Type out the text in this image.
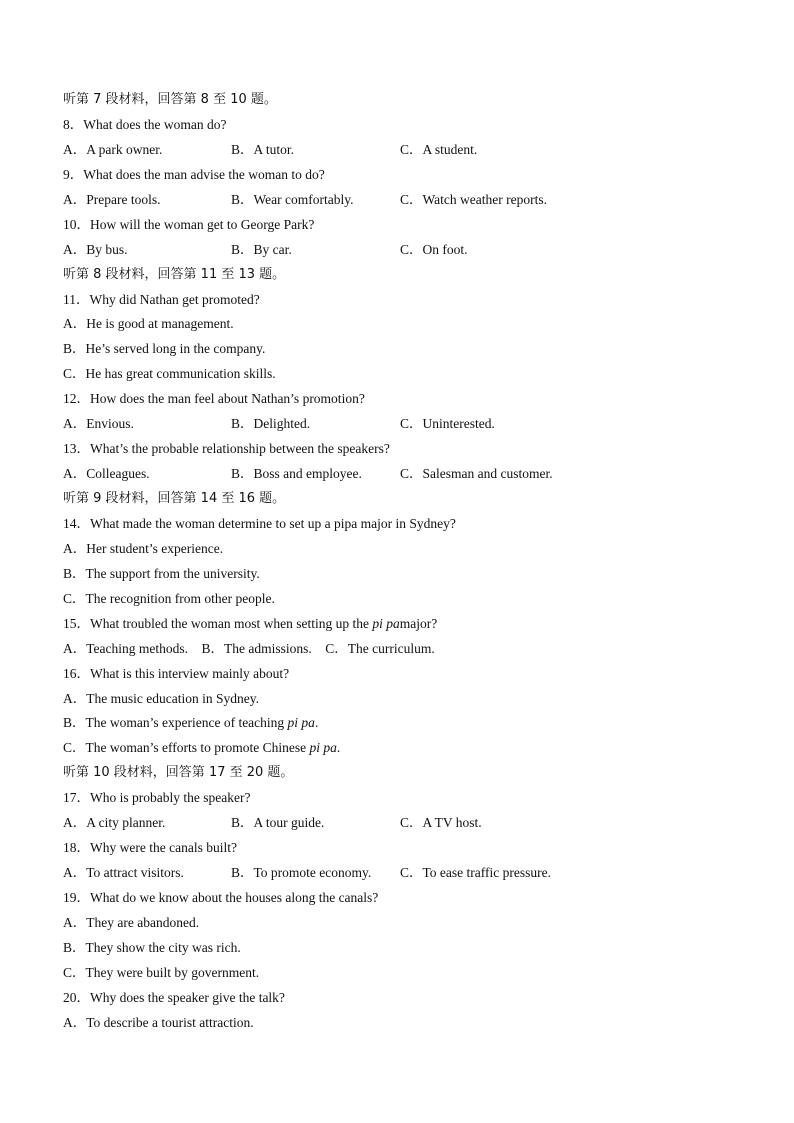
听第 7 段材料，回答第 8 至 10 题。
8．What does the woman do?
A．A park owner.	B．A tutor.	C．A student.
9．What does the man advise the woman to do?
A．Prepare tools.	B．Wear comfortably.	C．Watch weather reports.
10．How will the woman get to George Park?
A．By bus.	B．By car.	C．On foot.
听第 8 段材料，回答第 11 至 13 题。
11．Why did Nathan get promoted?
A．He is good at management.
B．He’s served long in the company.
C．He has great communication skills.
12．How does the man feel about Nathan’s promotion?
A．Envious.	B．Delighted.	C．Uninterested.
13．What’s the probable relationship between the speakers?
A．Colleagues.	B．Boss and employee.	C．Salesman and customer.
听第 9 段材料，回答第 14 至 16 题。
14．What made the woman determine to set up a pipa major in Sydney?
A．Her student’s experience.
B．The support from the university.
C．The recognition from other people.
15．What troubled the woman most when setting up the pi pamajor?
A．Teaching methods.　B．The admissions.　C．The curriculum.
16．What is this interview mainly about?
A．The music education in Sydney.
B．The woman’s experience of teaching pi pa.
C．The woman’s efforts to promote Chinese pi pa.
听第 10 段材料，回答第 17 至 20 题。
17．Who is probably the speaker?
A．A city planner.	B．A tour guide.	C．A TV host.
18．Why were the canals built?
A．To attract visitors.	B．To promote economy. C．To ease traffic pressure.
19．What do we know about the houses along the canals?
A．They are abandoned.
B．They show the city was rich.
C．They were built by government.
20．Why does the speaker give the talk?
A．To describe a tourist attraction.
